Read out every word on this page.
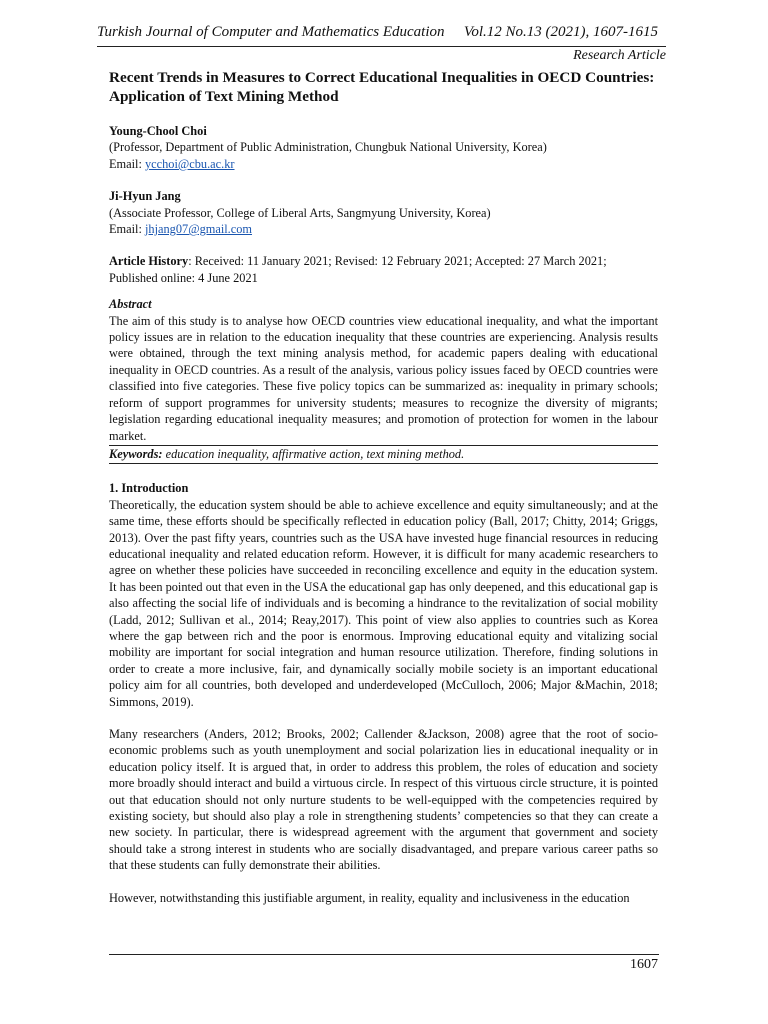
Turkish Journal of Computer and Mathematics Education Vol.12 No.13 (2021), 1607-1615
Research Article
Recent Trends in Measures to Correct Educational Inequalities in OECD Countries: Application of Text Mining Method
Young-Chool Choi
(Professor, Department of Public Administration, Chungbuk National University, Korea)
Email: ycchoi@cbu.ac.kr
Ji-Hyun Jang
(Associate Professor, College of Liberal Arts, Sangmyung University, Korea)
Email: jhjang07@gmail.com
Article History: Received: 11 January 2021; Revised: 12 February 2021; Accepted: 27 March 2021; Published online: 4 June 2021
Abstract
The aim of this study is to analyse how OECD countries view educational inequality, and what the important policy issues are in relation to the education inequality that these countries are experiencing. Analysis results were obtained, through the text mining analysis method, for academic papers dealing with educational inequality in OECD countries. As a result of the analysis, various policy issues faced by OECD countries were classified into five categories. These five policy topics can be summarized as: inequality in primary schools; reform of support programmes for university students; measures to recognize the diversity of migrants; legislation regarding educational inequality measures; and promotion of protection for women in the labour market.
Keywords: education inequality, affirmative action, text mining method.
1. Introduction

Theoretically, the education system should be able to achieve excellence and equity simultaneously; and at the same time, these efforts should be specifically reflected in education policy (Ball, 2017; Chitty, 2014; Griggs, 2013). Over the past fifty years, countries such as the USA have invested huge financial resources in reducing educational inequality and related education reform. However, it is difficult for many academic researchers to agree on whether these policies have succeeded in reconciling excellence and equity in the education system. It has been pointed out that even in the USA the educational gap has only deepened, and this educational gap is also affecting the social life of individuals and is becoming a hindrance to the revitalization of social mobility (Ladd, 2012; Sullivan et al., 2014; Reay,2017). This point of view also applies to countries such as Korea where the gap between rich and the poor is enormous. Improving educational equity and vitalizing social mobility are important for social integration and human resource utilization. Therefore, finding solutions in order to create a more inclusive, fair, and dynamically socially mobile society is an important educational policy aim for all countries, both developed and underdeveloped (McCulloch, 2006; Major &Machin, 2018; Simmons, 2019).

Many researchers (Anders, 2012; Brooks, 2002; Callender &Jackson, 2008) agree that the root of socio-economic problems such as youth unemployment and social polarization lies in educational inequality or in education policy itself. It is argued that, in order to address this problem, the roles of education and society more broadly should interact and build a virtuous circle. In respect of this virtuous circle structure, it is pointed out that education should not only nurture students to be well-equipped with the competencies required by existing society, but should also play a role in strengthening students’ competencies so that they can create a new society. In particular, there is widespread agreement with the argument that government and society should take a strong interest in students who are socially disadvantaged, and prepare various career paths so that these students can fully demonstrate their abilities.

However, notwithstanding this justifiable argument, in reality, equality and inclusiveness in the education

1607
